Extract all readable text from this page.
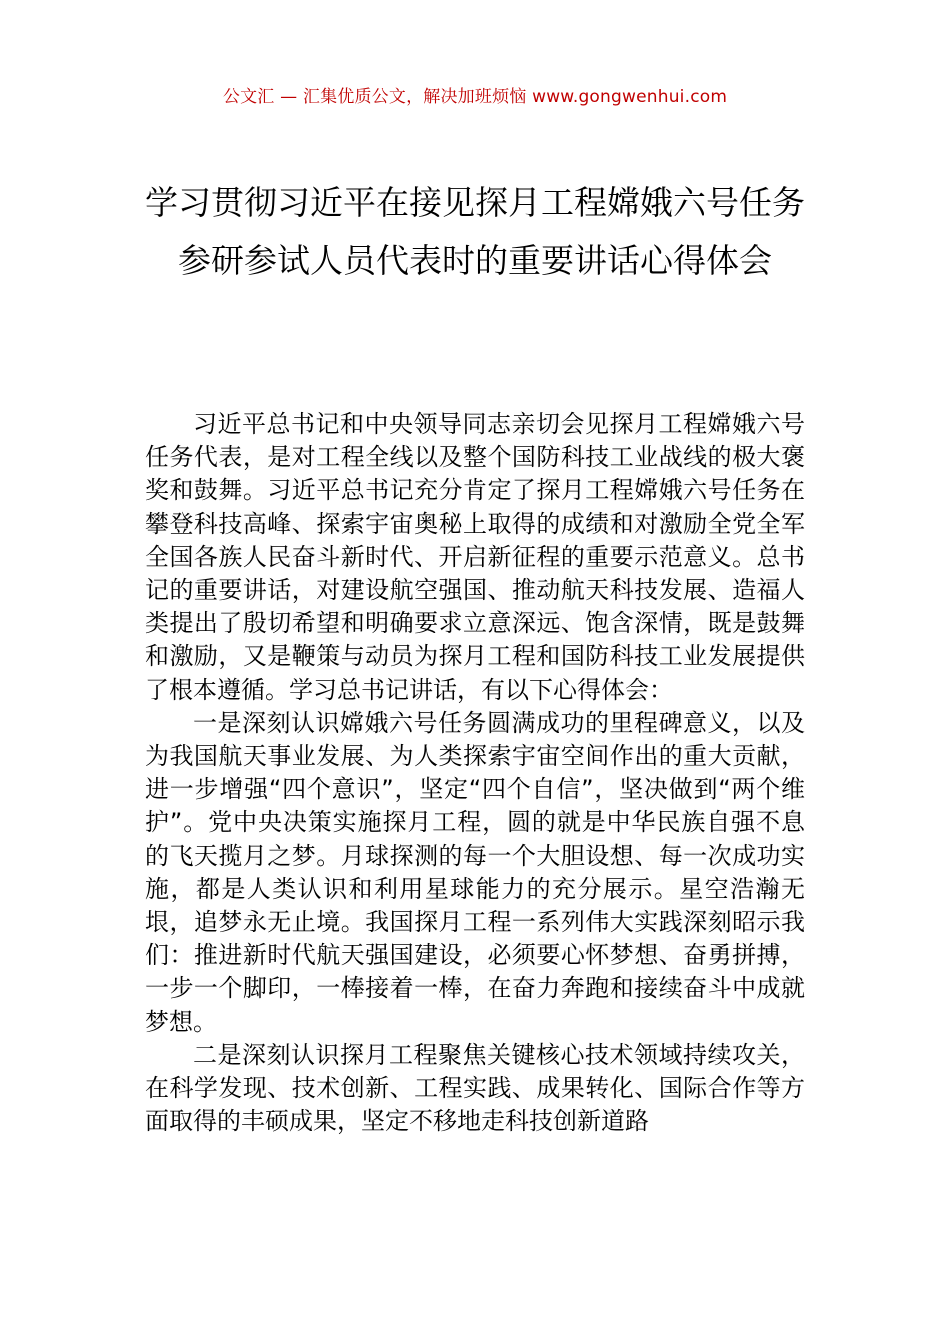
公文汇 — 汇集优质公文，解决加班烦恼 www.gongwenhui.com
学习贯彻习近平在接见探月工程嫦娥六号任务参研参试人员代表时的重要讲话心得体会

习近平总书记和中央领导同志亲切会见探月工程嫦娥六号任务代表，是对工程全线以及整个国防科技工业战线的极大褒奖和鼓舞。习近平总书记充分肯定了探月工程嫦娥六号任务在攀登科技高峰、探索宇宙奥秘上取得的成绩和对激励全党全军全国各族人民奋斗新时代、开启新征程的重要示范意义。总书记的重要讲话，对建设航空强国、推动航天科技发展、造福人类提出了殷切希望和明确要求立意深远、饱含深情，既是鼓舞和激励，又是鞭策与动员为探月工程和国防科技工业发展提供了根本遵循。学习总书记讲话，有以下心得体会：

一是深刻认识嫦娥六号任务圆满成功的里程碑意义，以及为我国航天事业发展、为人类探索宇宙空间作出的重大贡献，进一步增强“四个意识”，坚定“四个自信”，坚决做到“两个维护”。党中央决策实施探月工程，圆的就是中华民族自强不息的飞天揽月之梦。月球探测的每一个大胆设想、每一次成功实施，都是人类认识和利用星球能力的充分展示。星空浩瀚无垠，追梦永无止境。我国探月工程一系列伟大实践深刻昭示我们：推进新时代航天强国建设，必须要心怀梦想、奋勇拼搏，一步一个脚印，一棒接着一棒，在奋力奔跑和接续奋斗中成就梦想。

二是深刻认识探月工程聚焦关键核心技术领域持续攻关，在科学发现、技术创新、工程实践、成果转化、国际合作等方面取得的丰硕成果，坚定不移地走科技创新道路
